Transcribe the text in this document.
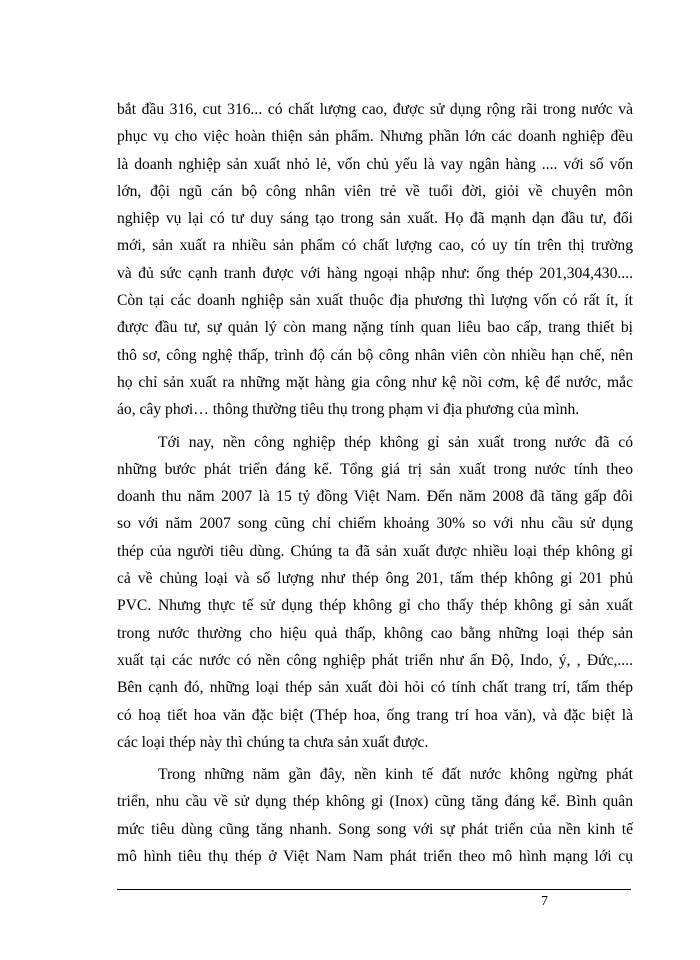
bắt đầu 316, cut 316... có chất lượng cao, được sử dụng rộng rãi trong nước và
phục vụ cho việc hoàn thiện sản phẩm. Nhưng phần lớn các doanh nghiệp đều
là doanh nghiệp sản xuất nhỏ lẻ, vốn chủ yếu là vay ngân hàng .... với số vốn
lớn, đội ngũ cán bộ công nhân viên trẻ về tuổi đời, giỏi về chuyên môn
nghiệp vụ lại có tư duy sáng tạo trong sản xuất. Họ đã mạnh dạn đầu tư, đổi
mới, sản xuất ra nhiều sản phẩm có chất lượng cao, có uy tín trên thị trường
và đủ sức cạnh tranh được với hàng ngoại nhập như: ống thép 201,304,430....
Còn tại các doanh nghiệp sản xuất thuộc địa phương thì lượng vốn có rất ít, ít
được đầu tư, sự quản lý còn mang nặng tính quan liêu bao cấp, trang thiết bị
thô sơ, công nghệ thấp, trình độ cán bộ công nhân viên còn nhiều hạn chế, nên
họ chỉ sản xuất ra những mặt hàng gia công như kệ nồi cơm, kệ để nước, mắc
áo, cây phơi… thông thường tiêu thụ trong phạm vi địa phương của mình.
Tới nay, nền công nghiệp thép không gỉ sản xuất trong nước đã có
những bước phát triển đáng kể. Tổng giá trị sản xuất trong nước tính theo
doanh thu năm 2007 là 15 tỷ đồng Việt Nam. Đến năm 2008 đã tăng gấp đôi
so với năm 2007 song cũng chỉ chiếm khoảng 30% so với nhu cầu sử dụng
thép của người tiêu dùng. Chúng ta đã sản xuất được nhiều loại thép không gỉ
cả về chủng loại và số lượng như thép ông 201, tấm thép không gỉ 201 phủ
PVC. Nhưng thực tế sử dụng thép không gỉ cho thấy thép không gỉ sản xuất
trong nước thường cho hiệu quả thấp, không cao bằng những loại thép sản
xuất tại các nước có nền công nghiệp phát triển như ấn Độ, Indo, ý, , Đức,....
Bên cạnh đó, những loại thép sản xuất đòi hỏi có tính chất trang trí, tấm thép
có hoạ tiết hoa văn đặc biệt (Thép hoa, ống trang trí hoa văn), và đặc biệt là
các loại thép này thì chúng ta chưa sản xuất được.
Trong những năm gần đây, nền kinh tế đất nước không ngừng phát
triển, nhu cầu về sử dụng thép không gỉ (Inox) cũng tăng đáng kể. Bình quân
mức tiêu dùng cũng tăng nhanh. Song song với sự phát triển của nền kinh tế
mô hình tiêu thụ thép ở Việt Nam Nam phát triển theo mô hình mạng lới cụ
7
